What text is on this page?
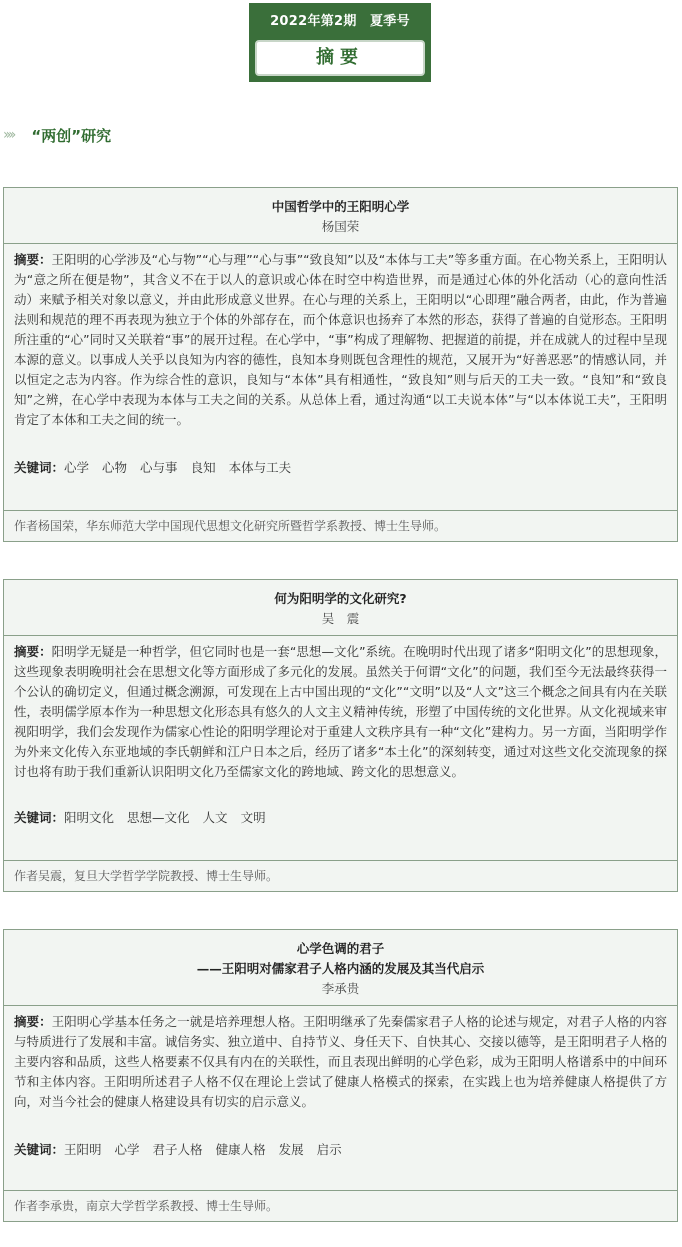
2022年第2期　夏季号
摘要
›››› “两创”研究
中国哲学中的王阳明心学
杨国荣
摘要：王阳明的心学涉及“心与物”“心与理”“心与事”“致良知”以及“本体与工夫”等多重方面。在心物关系上，王阳明认为“意之所在便是物”，其含义不在于以人的意识或心体在时空中构造世界，而是通过心体的外化活动（心的意向性活动）来赋予相关对象以意义，并由此形成意义世界。在心与理的关系上，王阳明以“心即理”融合两者，由此，作为普遍法则和规范的理不再表现为独立于个体的外部存在，而个体意识也扬弃了本然的形态，获得了普遍的自觉形态。王阳明所注重的“心”同时又关联着“事”的展开过程。在心学中，“事”构成了理解物、把握道的前提，并在成就人的过程中呈现本源的意义。以事成人关乎以良知为内容的德性，良知本身则既包含理性的规范，又展开为“好善恶恶”的情感认同，并以恒定之志为内容。作为综合性的意识，良知与“本体”具有相通性，“致良知”则与后天的工夫一致。“良知”和“致良知”之辨，在心学中表现为本体与工夫之间的关系。从总体上看，通过沟通“以工夫说本体”与“以本体说工夫”，王阳明肯定了本体和工夫之间的统一。
关键词：心学 心物 心与事 良知 本体与工夫
作者杨国荣，华东师范大学中国现代思想文化研究所暨哲学系教授、博士生导师。
何为阳明学的文化研究?
吴　震
摘要：阳明学无疑是一种哲学，但它同时也是一套“思想—文化”系统。在晚明时代出现了诸多“阳明文化”的思想现象，这些现象表明晚明社会在思想文化等方面形成了多元化的发展。虽然关于何谓“文化”的问题，我们至今无法最终获得一个公认的确切定义，但通过概念溯源，可发现在上古中国出现的“文化”“文明”以及“人文”这三个概念之间具有内在关联性，表明儒学原本作为一种思想文化形态具有悠久的人文主义精神传统，形塑了中国传统的文化世界。从文化视域来审视阳明学，我们会发现作为儒家心性论的阳明学理论对于重建人文秩序具有一种“文化”建构力。另一方面，当阳明学作为外来文化传入东亚地域的李氏朝鲜和江户日本之后，经历了诸多“本土化”的深刻转变，通过对这些文化交流现象的探讨也将有助于我们重新认识阳明文化乃至儒家文化的跨地域、跨文化的思想意义。
关键词：阳明文化 思想—文化 人文 文明
作者吴震，复旦大学哲学学院教授、博士生导师。
心学色调的君子
——王阳明对儒家君子人格内涵的发展及其当代启示
李承贵
摘要：王阳明心学基本任务之一就是培养理想人格。王阳明继承了先秦儒家君子人格的论述与规定，对君子人格的内容与特质进行了发展和丰富。诚信务实、独立道中、自持节义、身任天下、自快其心、交接以德等，是王阳明君子人格的主要内容和品质，这些人格要素不仅具有内在的关联性，而且表现出鲜明的心学色彩，成为王阳明人格谱系中的中间环节和主体内容。王阳明所述君子人格不仅在理论上尝试了健康人格模式的探索，在实践上也为培养健康人格提供了方向，对当今社会的健康人格建设具有切实的启示意义。
关键词：王阳明 心学 君子人格 健康人格 发展 启示
作者李承贵，南京大学哲学系教授、博士生导师。
